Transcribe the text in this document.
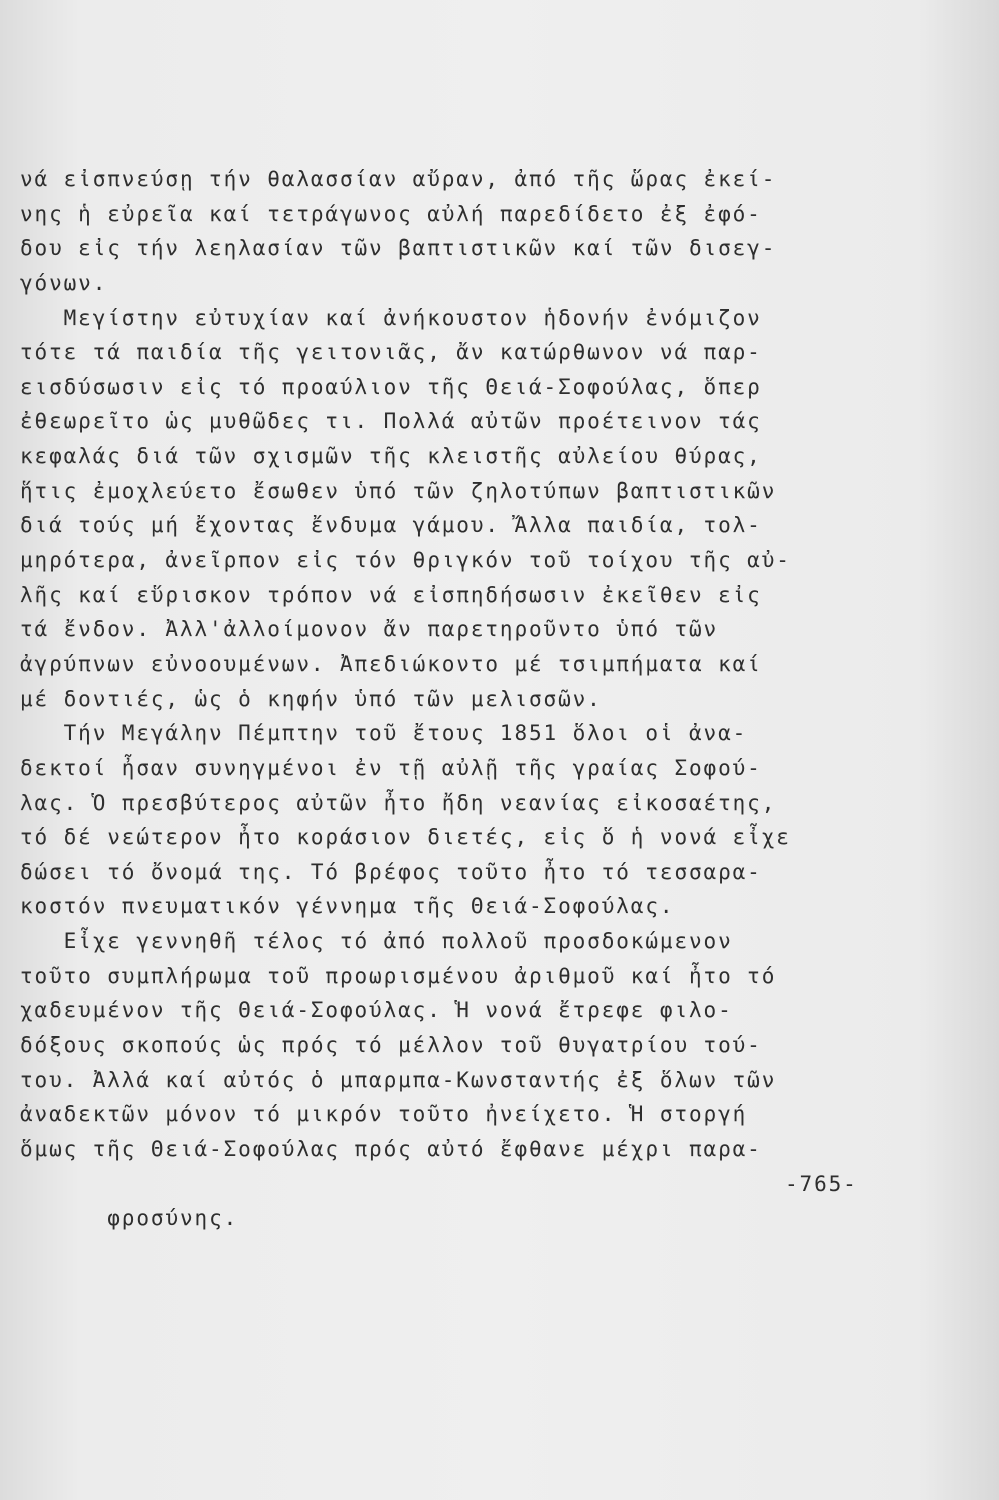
νά εἰσπνεύσῃ τήν θαλασσίαν αὔραν, ἀπό τῆς ὥρας ἐκεί-
νης ἡ εὐρεῖα καί τετράγωνος αὐλή παρεδίδετο ἐξ ἐφό-
δου εἰς τήν λεηλασίαν τῶν βαπτιστικῶν καί τῶν δισεγ-
γόνων.
Μεγίστην εὐτυχίαν καί ἀνήκουστον ἡδονήν ἐνόμιζον
τότε τά παιδία τῆς γειτονιᾶς, ἄν κατώρθωνον νά παρ-
εισδύσωσιν εἰς τό προαύλιον τῆς Θειά-Σοφούλας, ὅπερ
ἐθεωρεῖτο ὡς μυθῶδες τι. Πολλά αὐτῶν προέτεινον τάς
κεφαλάς διά τῶν σχισμῶν τῆς κλειστῆς αὐλείου θύρας,
ἥτις ἐμοχλεύετο ἔσωθεν ὑπό τῶν ζηλοτύπων βαπτιστικῶν
διά τούς μή ἔχοντας ἔνδυμα γάμου. Ἄλλα παιδία, τολ-
μηρότερα, ἀνεῖρπον εἰς τόν θριγκόν τοῦ τοίχου τῆς αὐ-
λῆς καί εὕρισκον τρόπον νά εἰσπηδήσωσιν ἐκεῖθεν εἰς
τά ἔνδον. Ἀλλ'ἀλλοίμονον ἄν παρετηροῦντο ὑπό τῶν
ἀγρύπνων εὐνοουμένων. Ἀπεδιώκοντο μέ τσιμπήματα καί
μέ δοντιές, ὡς ὁ κηφήν ὑπό τῶν μελισσῶν.
Τήν Μεγάλην Πέμπτην τοῦ ἔτους 1851 ὅλοι οἱ ἀνα-
δεκτοί ἦσαν συνηγμένοι ἐν τῇ αὐλῇ τῆς γραίας Σοφού-
λας. Ὁ πρεσβύτερος αὐτῶν ἦτο ἤδη νεανίας εἰκοσαέτης,
τό δέ νεώτερον ἦτο κοράσιον διετές, εἰς ὅ ἡ νονά εἶχε
δώσει τό ὄνομά της. Τό βρέφος τοῦτο ἦτο τό τεσσαρα-
κοστόν πνευματικόν γέννημα τῆς Θειά-Σοφούλας.
Εἶχε γεννηθῆ τέλος τό ἀπό πολλοῦ προσδοκώμενον
τοῦτο συμπλήρωμα τοῦ προωρισμένου ἀριθμοῦ καί ἦτο τό
χαδευμένον τῆς Θειά-Σοφούλας. Ἡ νονά ἔτρεφε φιλο-
δόξους σκοπούς ὡς πρός τό μέλλον τοῦ θυγατρίου τού-
του. Ἀλλά καί αὐτός ὁ μπαρμπα-Κωνσταντής ἐξ ὅλων τῶν
ἀναδεκτῶν μόνον τό μικρόν τοῦτο ἠνείχετο. Ἡ στοργή
ὅμως τῆς Θειά-Σοφούλας πρός αὐτό ἔφθανε μέχρι παρα-

φροσύνης.

-765-
